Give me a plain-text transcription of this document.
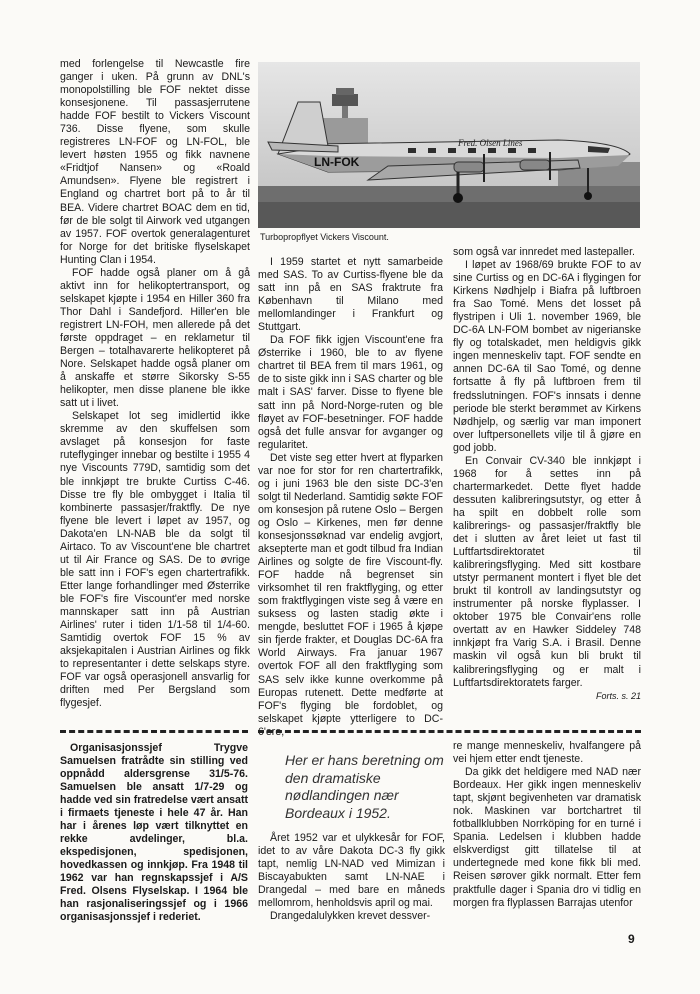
med forlengelse til Newcastle fire ganger i uken. På grunn av DNL's monopolstilling ble FOF nektet disse konsesjonene. Til passasjerrutene hadde FOF bestilt to Vickers Viscount 736. Disse flyene, som skulle registreres LN-FOF og LN-FOL, ble levert høsten 1955 og fikk navnene «Fridtjof Nansen» og «Roald Amundsen». Flyene ble registrert i England og chartret bort på to år til BEA. Videre chartret BOAC dem en tid, før de ble solgt til Airwork ved utgangen av 1957. FOF overtok generalagenturet for Norge for det britiske flyselskapet Hunting Clan i 1954.

FOF hadde også planer om å gå aktivt inn for helikoptertransport, og selskapet kjøpte i 1954 en Hiller 360 fra Thor Dahl i Sandefjord. Hiller'en ble registrert LN-FOH, men allerede på det første oppdraget – en reklametur til Bergen – totalhavarerte helikopteret på Nore. Selskapet hadde også planer om å anskaffe et større Sikorsky S-55 helikopter, men disse planene ble ikke satt ut i livet.

Selskapet lot seg imidlertid ikke skremme av den skuffelsen som avslaget på konsesjon for faste ruteflyginger innebar og bestilte i 1955 4 nye Viscounts 779D, samtidig som det ble innkjøpt tre brukte Curtiss C-46. Disse tre fly ble ombygget i Italia til kombinerte passasjer/fraktfly. De nye flyene ble levert i løpet av 1957, og Dakota'en LN-NAB ble da solgt til Airtaco. To av Viscount'ene ble chartret ut til Air France og SAS. De to øvrige ble satt inn i FOF's egen chartertrafikk. Etter lange forhandlinger med Østerrike ble FOF's fire Viscount'er med norske mannskaper satt inn på Austrian Airlines' ruter i tiden 1/1-58 til 1/4-60. Samtidig overtok FOF 15 % av aksjekapitalen i Austrian Airlines og fikk to representanter i dette selskaps styre. FOF var også operasjonell ansvarlig for driften med Per Bergsland som flygesjef.

LN-FOK
Fred. Olsen Lines
Turbopropflyet Vickers Viscount.

I 1959 startet et nytt samarbeide med SAS. To av Curtiss-flyene ble da satt inn på en SAS fraktrute fra København til Milano med mellomlandinger i Frankfurt og Stuttgart.

Da FOF fikk igjen Viscount'ene fra Østerrike i 1960, ble to av flyene chartret til BEA frem til mars 1961, og de to siste gikk inn i SAS charter og ble malt i SAS' farver. Disse to flyene ble satt inn på Nord-Norge-ruten og ble fløyet av FOF-besetninger. FOF hadde også det fulle ansvar for avganger og regularitet.

Det viste seg etter hvert at flyparken var noe for stor for ren chartertrafikk, og i juni 1963 ble den siste DC-3'en solgt til Nederland. Samtidig søkte FOF om konsesjon på rutene Oslo – Bergen og Oslo – Kirkenes, men før denne konsesjonssøknad var endelig avgjort, aksepterte man et godt tilbud fra Indian Airlines og solgte de fire Viscount-fly. FOF hadde nå begrenset sin virksomhet til ren fraktflyging, og etter som fraktflygingen viste seg å være en suksess og lasten stadig økte i mengde, besluttet FOF i 1965 å kjøpe sin fjerde frakter, et Douglas DC-6A fra World Airways. Fra januar 1967 overtok FOF all den fraktflyging som SAS selv ikke kunne overkomme på Europas rutenett. Dette medførte at FOF's flyging ble fordoblet, og selskapet kjøpte ytterligere to DC-6'ere,

som også var innredet med lastepaller.

I løpet av 1968/69 brukte FOF to av sine Curtiss og en DC-6A i flygingen for Kirkens Nødhjelp i Biafra på luftbroen fra Sao Tomé. Mens det losset på flystripen i Uli 1. november 1969, ble DC-6A LN-FOM bombet av nigerianske fly og totalskadet, men heldigvis gikk ingen menneskeliv tapt. FOF sendte en annen DC-6A til Sao Tomé, og denne fortsatte å fly på luftbroen frem til fredsslutningen. FOF's innsats i denne periode ble sterkt berømmet av Kirkens Nødhjelp, og særlig var man imponert over luftpersonellets vilje til å gjøre en god jobb.

En Convair CV-340 ble innkjøpt i 1968 for å settes inn på chartermarkedet. Dette flyet hadde dessuten kalibreringsutstyr, og etter å ha spilt en dobbelt rolle som kalibrerings- og passasjer/fraktfly ble det i slutten av året leiet ut fast til Luftfartsdirektoratet til kalibreringsflyging. Med sitt kostbare utstyr permanent montert i flyet ble det brukt til kontroll av landingsutstyr og instrumenter på norske flyplasser. I oktober 1975 ble Convair'ens rolle overtatt av en Hawker Siddeley 748 innkjøpt fra Varig S.A. i Brasil. Denne maskin vil også kun bli brukt til kalibreringsflyging og er malt i Luftfartsdirektoratets farger.

Forts. s. 21
Organisasjonssjef Trygve Samuelsen fratrådte sin stilling ved oppnådd aldersgrense 31/5-76. Samuelsen ble ansatt 1/7-29 og hadde ved sin fratredelse vært ansatt i firmaets tjeneste i hele 47 år. Han har i årenes løp vært tilknyttet en rekke avdelinger, bl.a. ekspedisjonen, spedisjonen, hovedkassen og innkjøp. Fra 1948 til 1962 var han regnskapssjef i A/S Fred. Olsens Flyselskap. I 1964 ble han rasjonaliseringssjef og i 1966 organisasjonssjef i rederiet.
Her er hans beretning om den dramatiske nødlandingen nær Bordeaux i 1952.

Året 1952 var et ulykkesår for FOF, idet to av våre Dakota DC-3 fly gikk tapt, nemlig LN-NAD ved Mimizan i Biscayabukten samt LN-NAE i Drangedal – med bare en måneds mellomrom, henholdsvis april og mai.

Drangedalulykken krevet dessver-

re mange menneskeliv, hvalfangere på vei hjem etter endt tjeneste.

Da gikk det heldigere med NAD nær Bordeaux. Her gikk ingen menneskeliv tapt, skjønt begivenheten var dramatisk nok. Maskinen var bortchartret til fotballklubben Norrköping for en turné i Spania. Ledelsen i klubben hadde elskverdigst gitt tillatelse til at undertegnede med kone fikk bli med. Reisen sørover gikk normalt. Etter fem praktfulle dager i Spania dro vi tidlig en morgen fra flyplassen Barrajas utenfor

9
